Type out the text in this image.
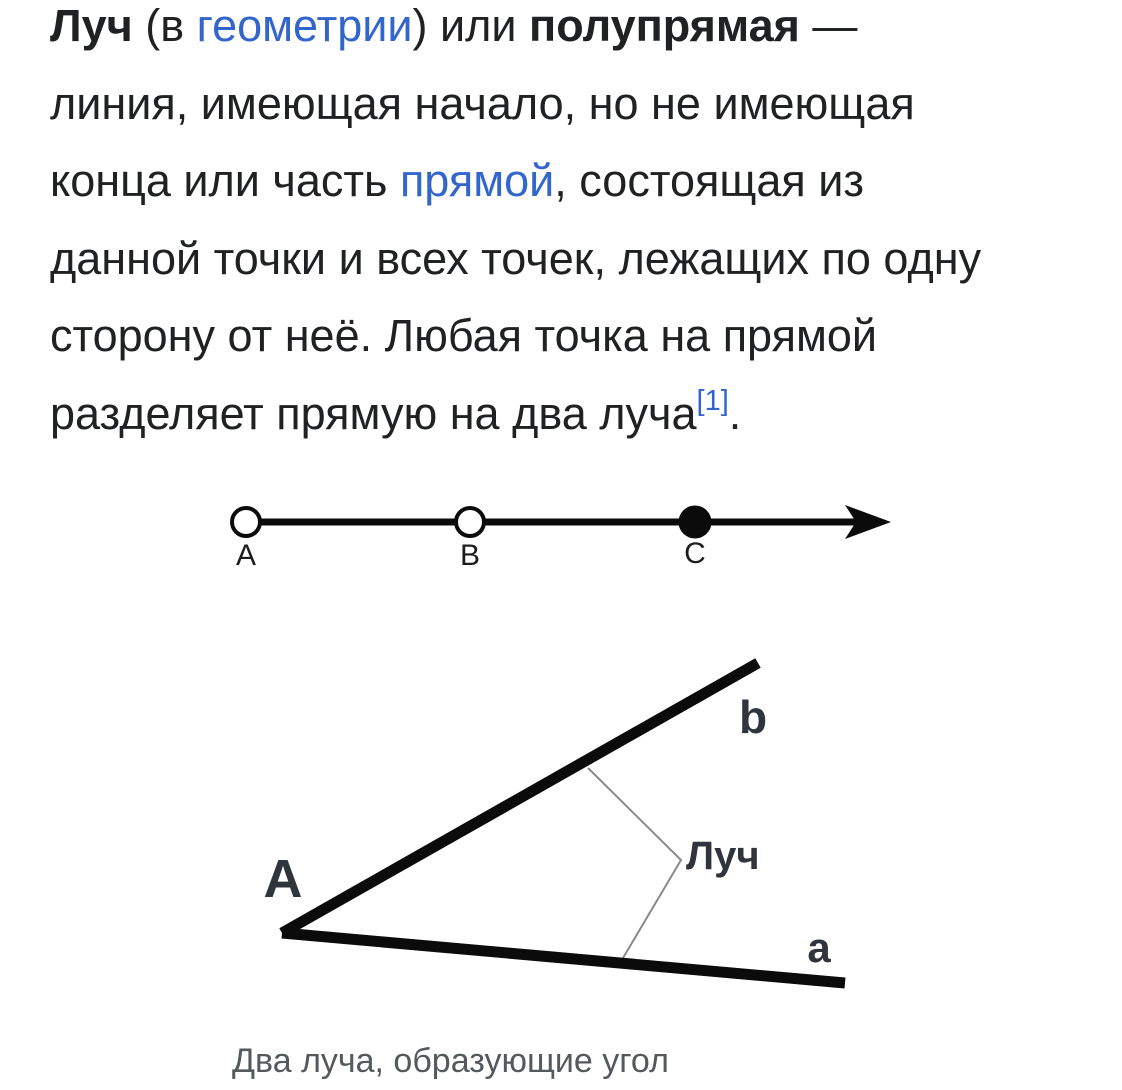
Луч (в геометрии) или полупрямая —
линия, имеющая начало, но не имеющая
конца или часть прямой, состоящая из
данной точки и всех точек, лежащих по одну
сторону от неё. Любая точка на прямой
разделяет прямую на два луча[1].
A	B	C
A
b
a
Луч
Два луча, образующие угол
